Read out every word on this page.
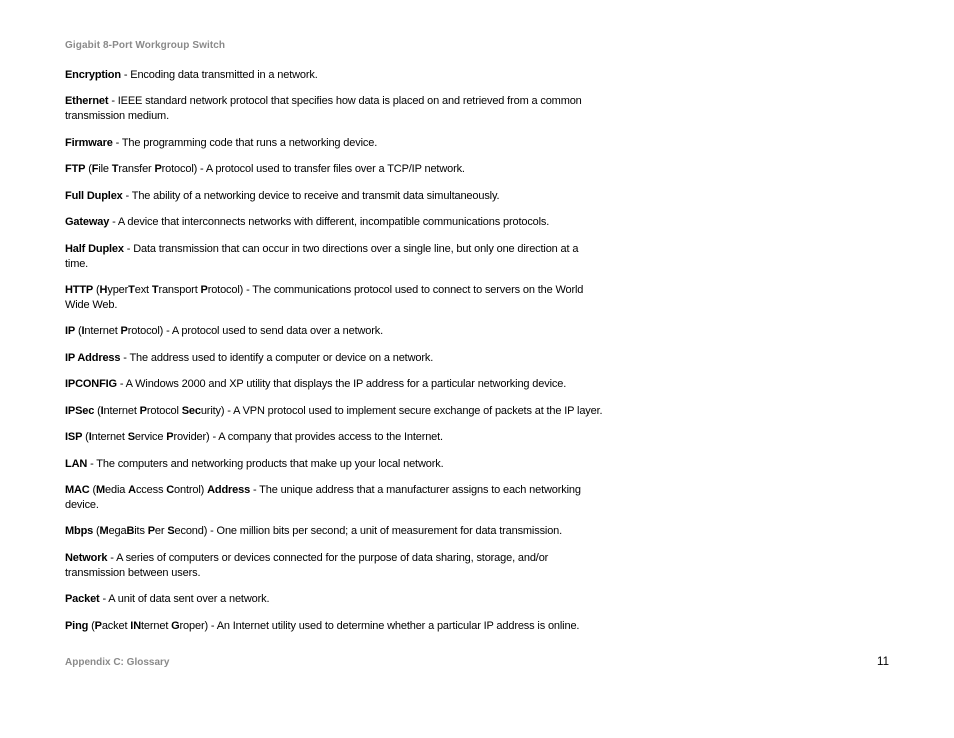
Gigabit 8-Port Workgroup Switch
Encryption - Encoding data transmitted in a network.
Ethernet - IEEE standard network protocol that specifies how data is placed on and retrieved from a common
transmission medium.
Firmware - The programming code that runs a networking device.
FTP (File Transfer Protocol) - A protocol used to transfer files over a TCP/IP network.
Full Duplex - The ability of a networking device to receive and transmit data simultaneously.
Gateway - A device that interconnects networks with different, incompatible communications protocols.
Half Duplex - Data transmission that can occur in two directions over a single line, but only one direction at a
time.
HTTP (HyperText Transport Protocol) - The communications protocol used to connect to servers on the World
Wide Web.
IP (Internet Protocol) - A protocol used to send data over a network.
IP Address - The address used to identify a computer or device on a network.
IPCONFIG - A Windows 2000 and XP utility that displays the IP address for a particular networking device.
IPSec (Internet Protocol Security) - A VPN protocol used to implement secure exchange of packets at the IP layer.
ISP (Internet Service Provider) - A company that provides access to the Internet.
LAN - The computers and networking products that make up your local network.
MAC (Media Access Control) Address - The unique address that a manufacturer assigns to each networking
device.
Mbps (MegaBits Per Second) - One million bits per second; a unit of measurement for data transmission.
Network - A series of computers or devices connected for the purpose of data sharing, storage, and/or
transmission between users.
Packet - A unit of data sent over a network.
Ping (Packet INternet Groper) - An Internet utility used to determine whether a particular IP address is online.
Appendix C: Glossary	11
